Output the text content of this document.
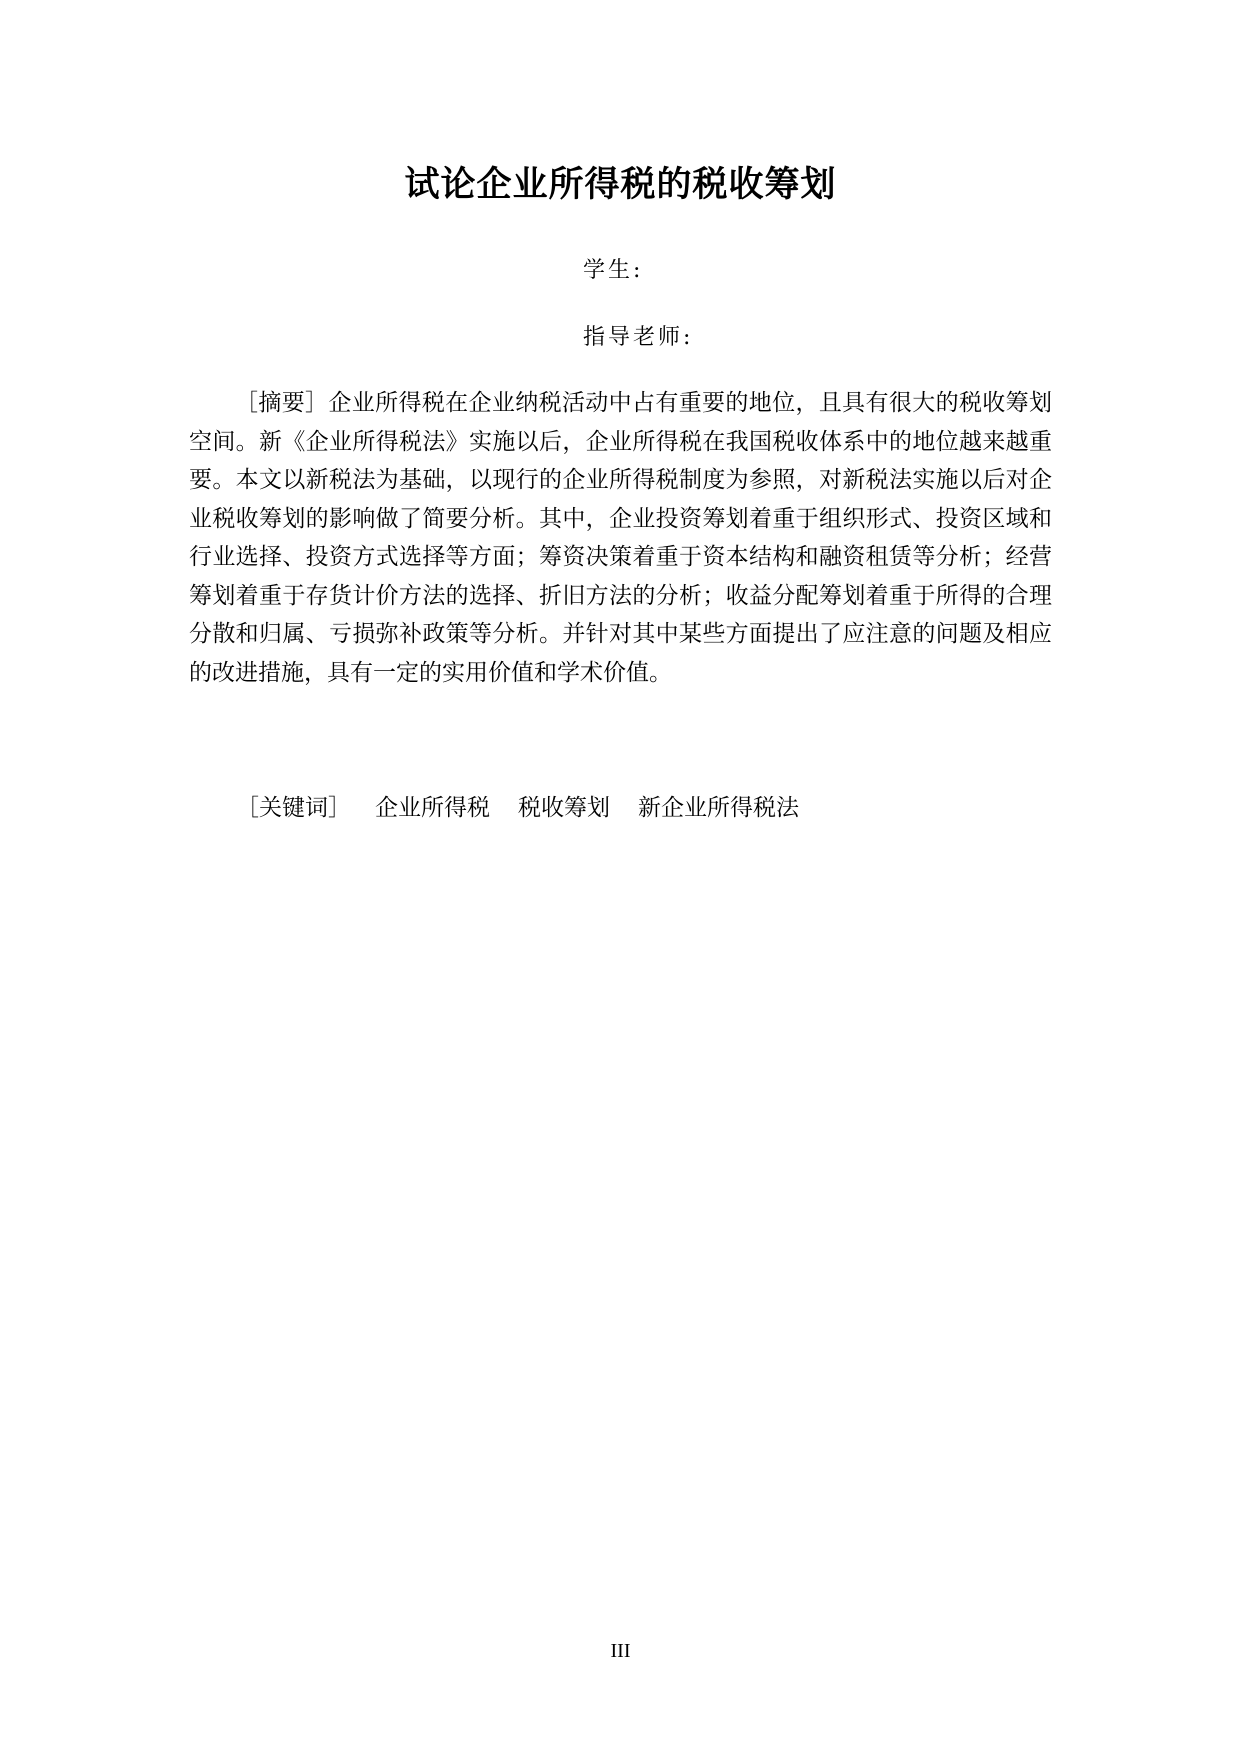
试论企业所得税的税收筹划
学生:
指导老师:

［摘要］企业所得税在企业纳税活动中占有重要的地位，且具有很大的税收筹划空间。新《企业所得税法》实施以后，企业所得税在我国税收体系中的地位越来越重要。本文以新税法为基础，以现行的企业所得税制度为参照，对新税法实施以后对企业税收筹划的影响做了简要分析。其中，企业投资筹划着重于组织形式、投资区域和行业选择、投资方式选择等方面；筹资决策着重于资本结构和融资租赁等分析；经营筹划着重于存货计价方法的选择、折旧方法的分析；收益分配筹划着重于所得的合理分散和归属、亏损弥补政策等分析。并针对其中某些方面提出了应注意的问题及相应的改进措施，具有一定的实用价值和学术价值。

［关键词］ 企业所得税 税收筹划 新企业所得税法
III
